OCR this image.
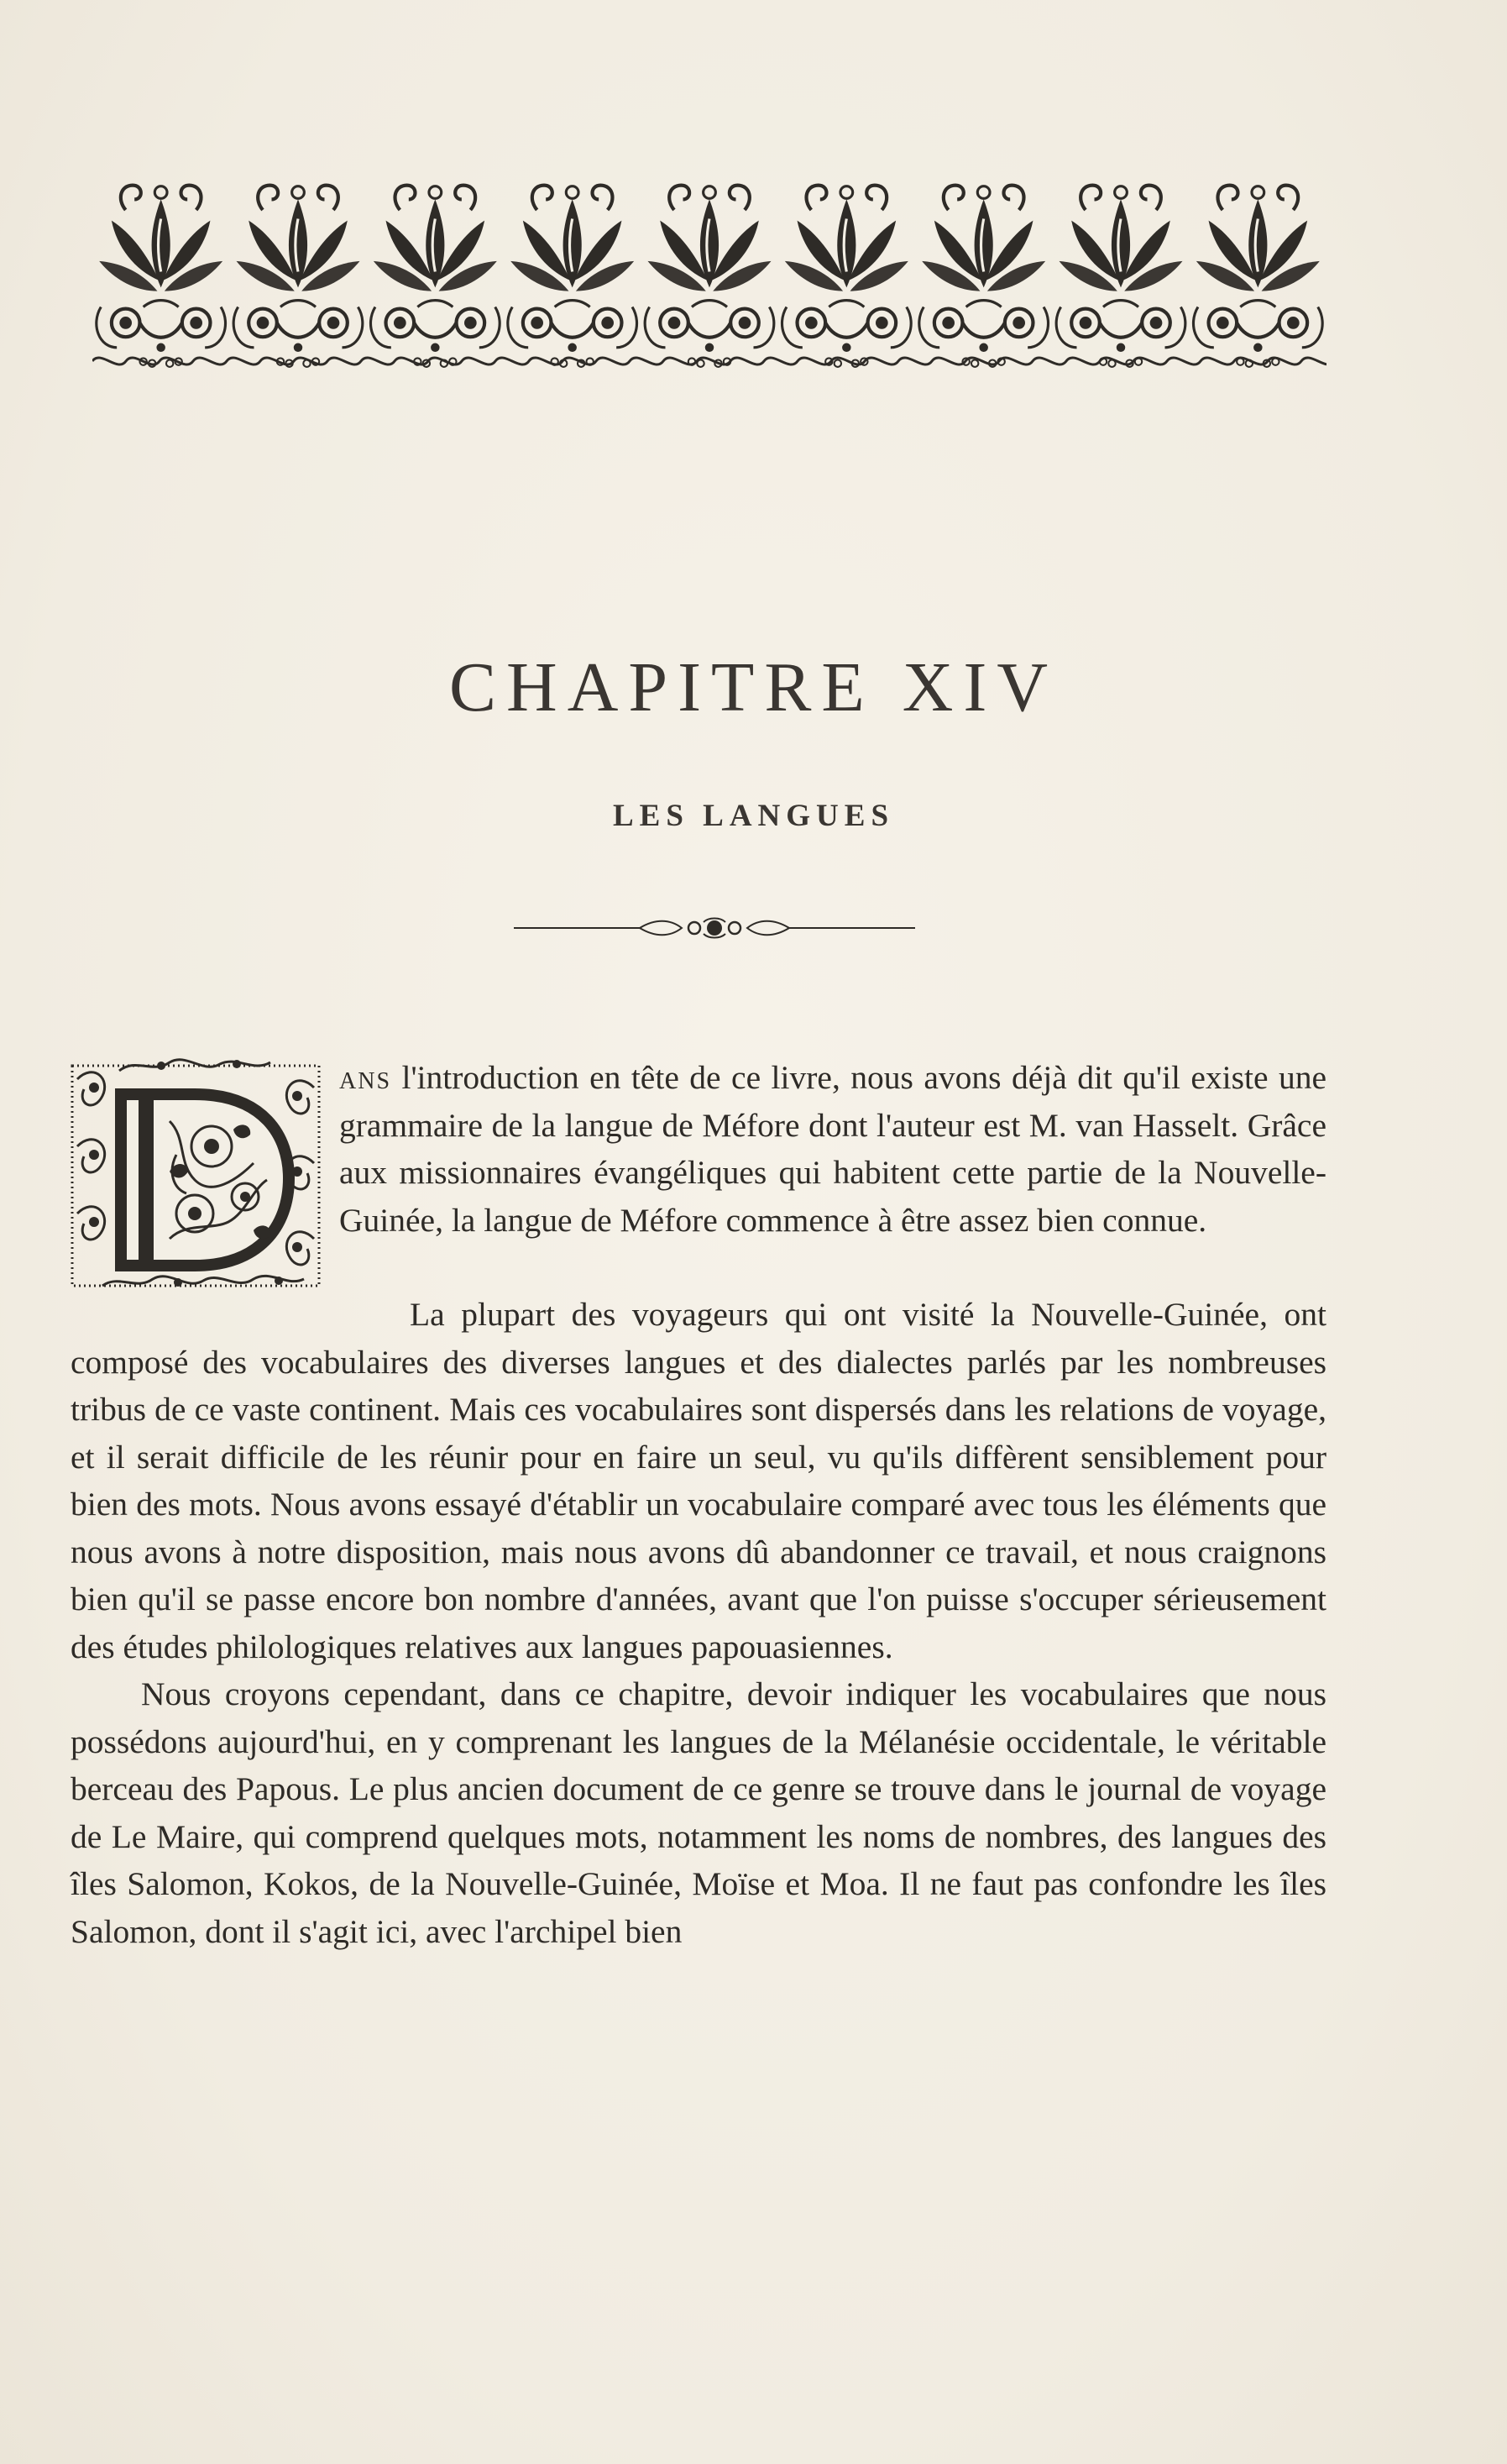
CHAPITRE XIV
LES LANGUES

ans l'introduction en tête de ce livre, nous avons déjà dit qu'il existe une grammaire de la langue de Méfore dont l'auteur est M. van Hasselt. Grâce aux missionnaires évangéliques qui habitent cette partie de la Nouvelle-Guinée, la langue de Méfore commence à être assez bien connue.

La plupart des voyageurs qui ont visité la Nouvelle-Guinée, ont composé des vocabulaires des diverses langues et des dialectes parlés par les nombreuses tribus de ce vaste continent. Mais ces vocabulaires sont dispersés dans les relations de voyage, et il serait difficile de les réunir pour en faire un seul, vu qu'ils diffèrent sensiblement pour bien des mots. Nous avons essayé d'établir un vocabulaire comparé avec tous les éléments que nous avons à notre disposition, mais nous avons dû abandonner ce travail, et nous craignons bien qu'il se passe encore bon nombre d'années, avant que l'on puisse s'occuper sérieusement des études philologiques relatives aux langues papouasiennes.

Nous croyons cependant, dans ce chapitre, devoir indiquer les vocabulaires que nous possédons aujourd'hui, en y comprenant les langues de la Mélanésie occidentale, le véritable berceau des Papous. Le plus ancien document de ce genre se trouve dans le journal de voyage de Le Maire, qui comprend quelques mots, notamment les noms de nombres, des langues des îles Salomon, Kokos, de la Nouvelle-Guinée, Moïse et Moa. Il ne faut pas confondre les îles Salomon, dont il s'agit ici, avec l'archipel bien
